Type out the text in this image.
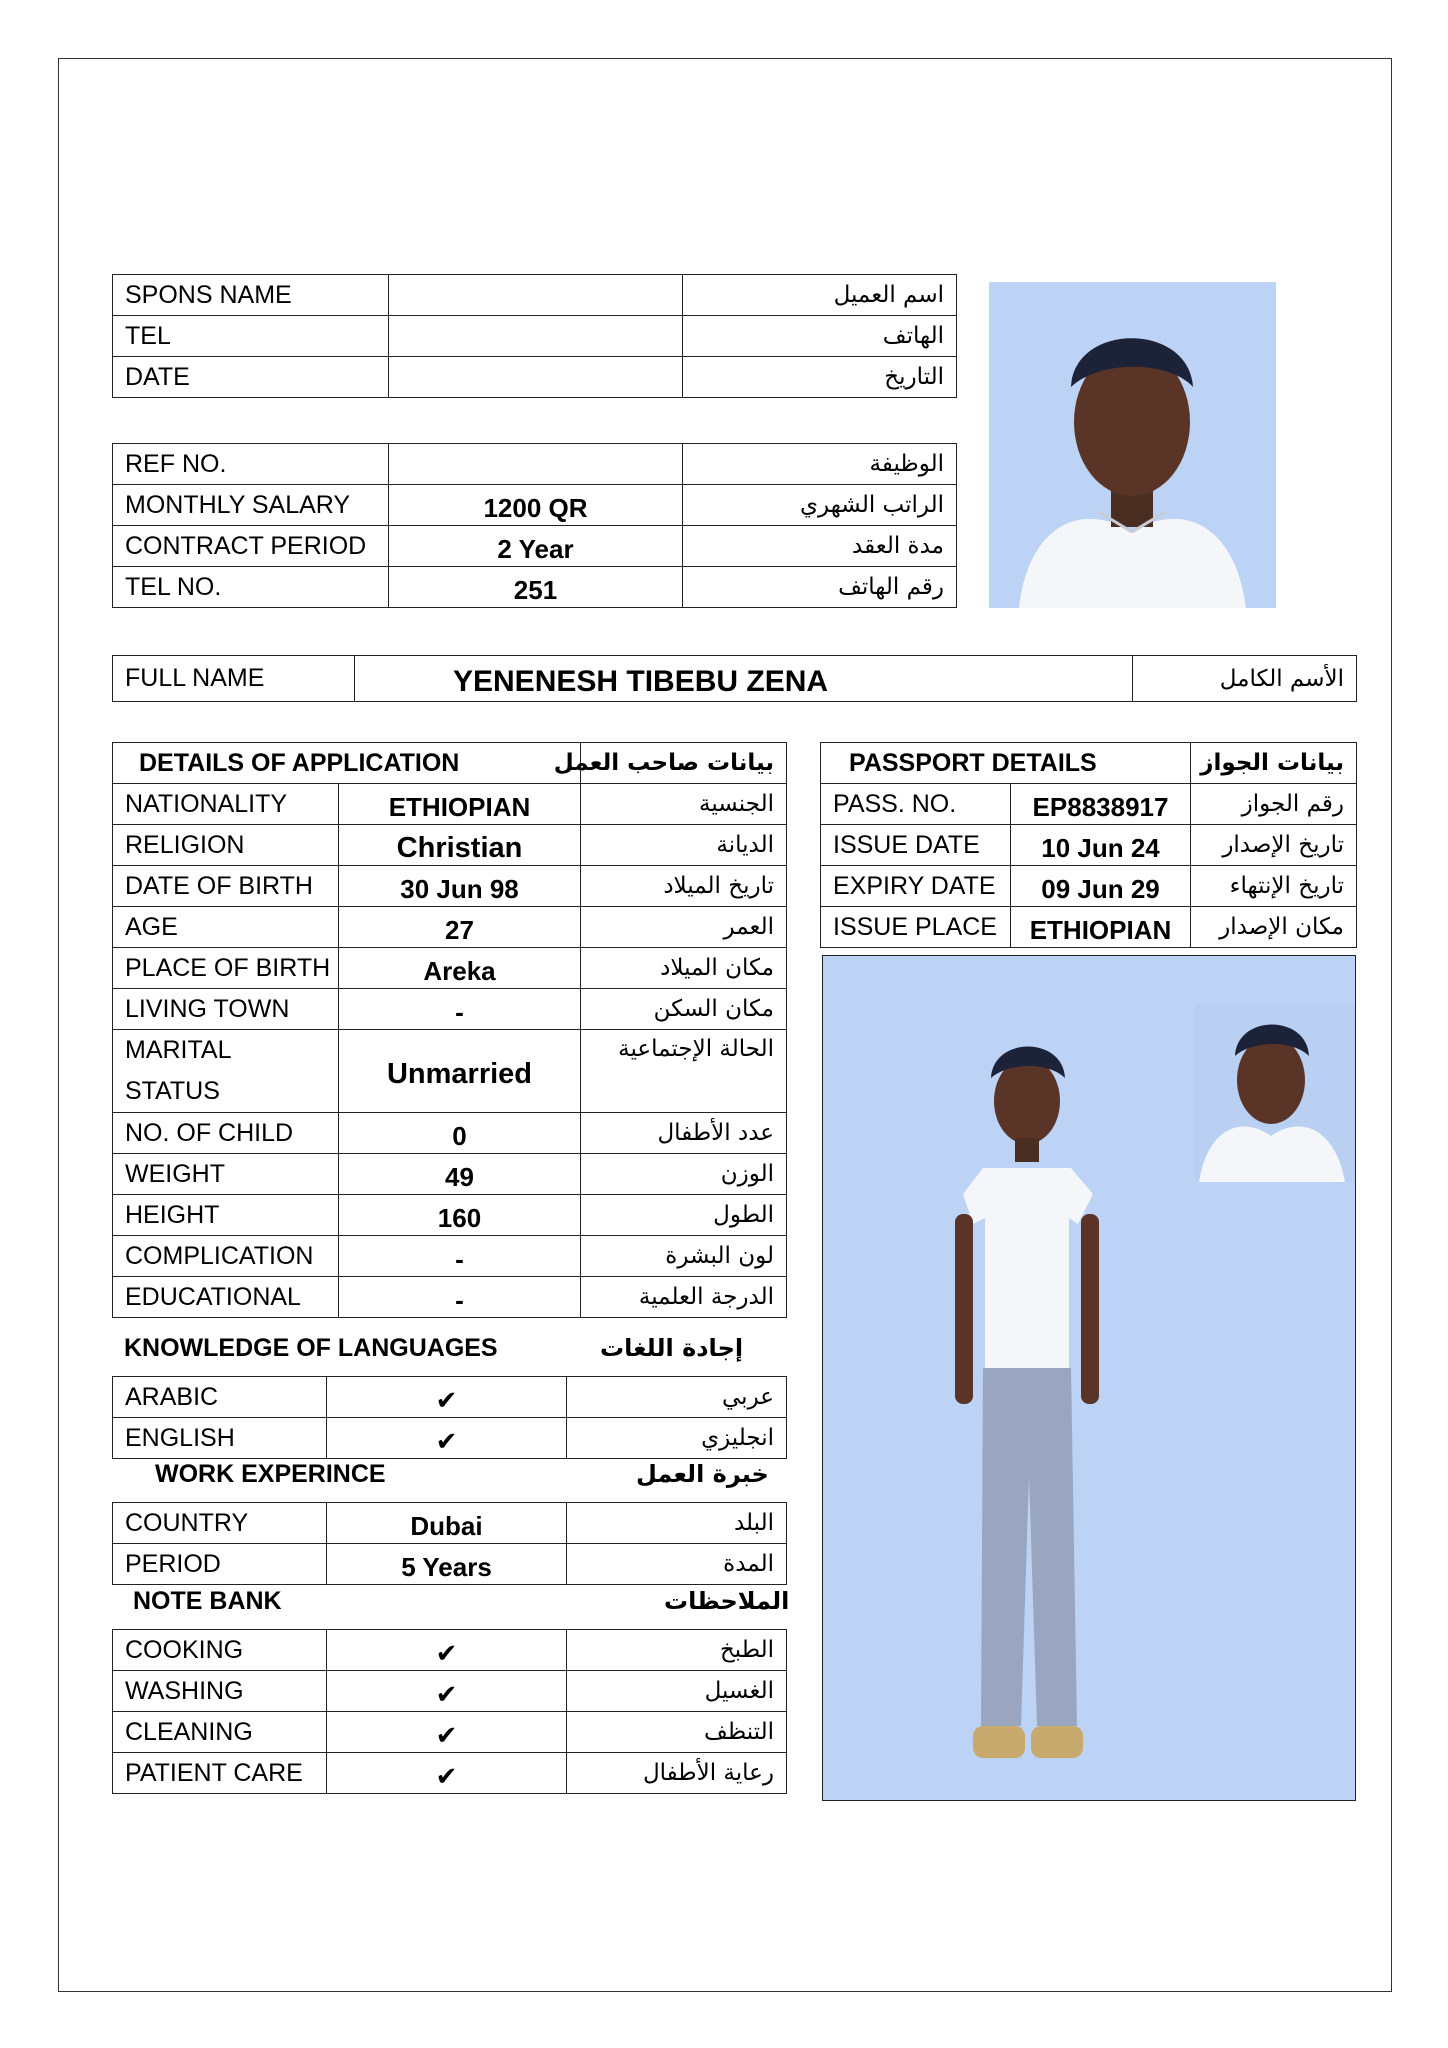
SPONS NAME		اسم العميل
TEL		الهاتف
DATE		التاريخ
REF NO.		الوظيفة
MONTHLY SALARY	1200 QR	الراتب الشهري
CONTRACT PERIOD	2 Year	مدة العقد
TEL NO.	251	رقم الهاتف
FULL NAME	YENENESH TIBEBU ZENA	الأسم الكامل
DETAILS OF APPLICATION		بيانات صاحب العمل
NATIONALITY	ETHIOPIAN	الجنسية
RELIGION	Christian	الديانة
DATE OF BIRTH	30 Jun 98	تاريخ الميلاد
AGE	27	العمر
PLACE OF BIRTH	Areka	مكان الميلاد
LIVING TOWN	-	مكان السكن

MARITAL
STATUS	Unmarried	الحالة الإجتماعية
NO. OF CHILD	0	عدد الأطفال
WEIGHT	49	الوزن
HEIGHT	160	الطول
COMPLICATION	-	لون البشرة
EDUCATIONAL	-	الدرجة العلمية
KNOWLEDGE OF LANGUAGES	إجادة اللغات
ARABIC	✔	عربي
ENGLISH	✔	انجليزي
WORK EXPERINCE	خبرة العمل
COUNTRY	Dubai	البلد
PERIOD	5 Years	المدة
NOTE BANK	الملاحظات
COOKING	✔	الطبخ
WASHING	✔	الغسيل
CLEANING	✔	التنظف
PATIENT CARE	✔	رعاية الأطفال
PASSPORT DETAILS		بيانات الجواز
PASS. NO.	EP8838917	رقم الجواز
ISSUE DATE	10 Jun 24	تاريخ الإصدار
EXPIRY DATE	09 Jun 29	تاريخ الإنتهاء
ISSUE PLACE	ETHIOPIAN	مكان الإصدار
